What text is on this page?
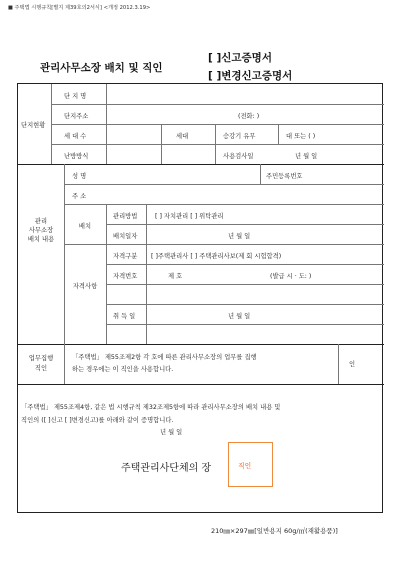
■ 주택법 시행규칙[별지 제39호의2서식] <개정 2012.3.19>
관리사무소장 배치 및 직인
[ ]신고증명서
[ ]변경신고증명서
단지현황
단 지 명
단지주소	(전화: )
세 대 수	세대	승강기 유무	대 또는 ( )
난방방식	사용검사일	년 월 일
관리
사무소장
배치 내용
성 명	주민등록번호
주 소
배치
관리방법	[ ] 자치관리 [ ] 위탁관리
배치일자	년 월 일
자격사항
자격구분 [ ]주택관리사 [ ] 주택관리사보(제 회 시험합격)
자격번호	제 호	(발급 시 · 도: )
취 득 일	년 월 일
업무집행
직인
「주택법」 제55조제2항 각 호에 따른 관리사무소장의 업무를 집행
하는 경우에는 이 직인을 사용합니다.
인
「주택법」 제55조제4항, 같은 법 시행규칙 제32조제5항에 따라 관리사무소장의 배치 내용 및
직인의 ([ ]신고 [ ]변경신고)를 아래와 같이 증명합니다.
년 월 일
주택관리사단체의 장	직인
210㎜×297㎜[일반용지 60g/㎡(재활용품)]
